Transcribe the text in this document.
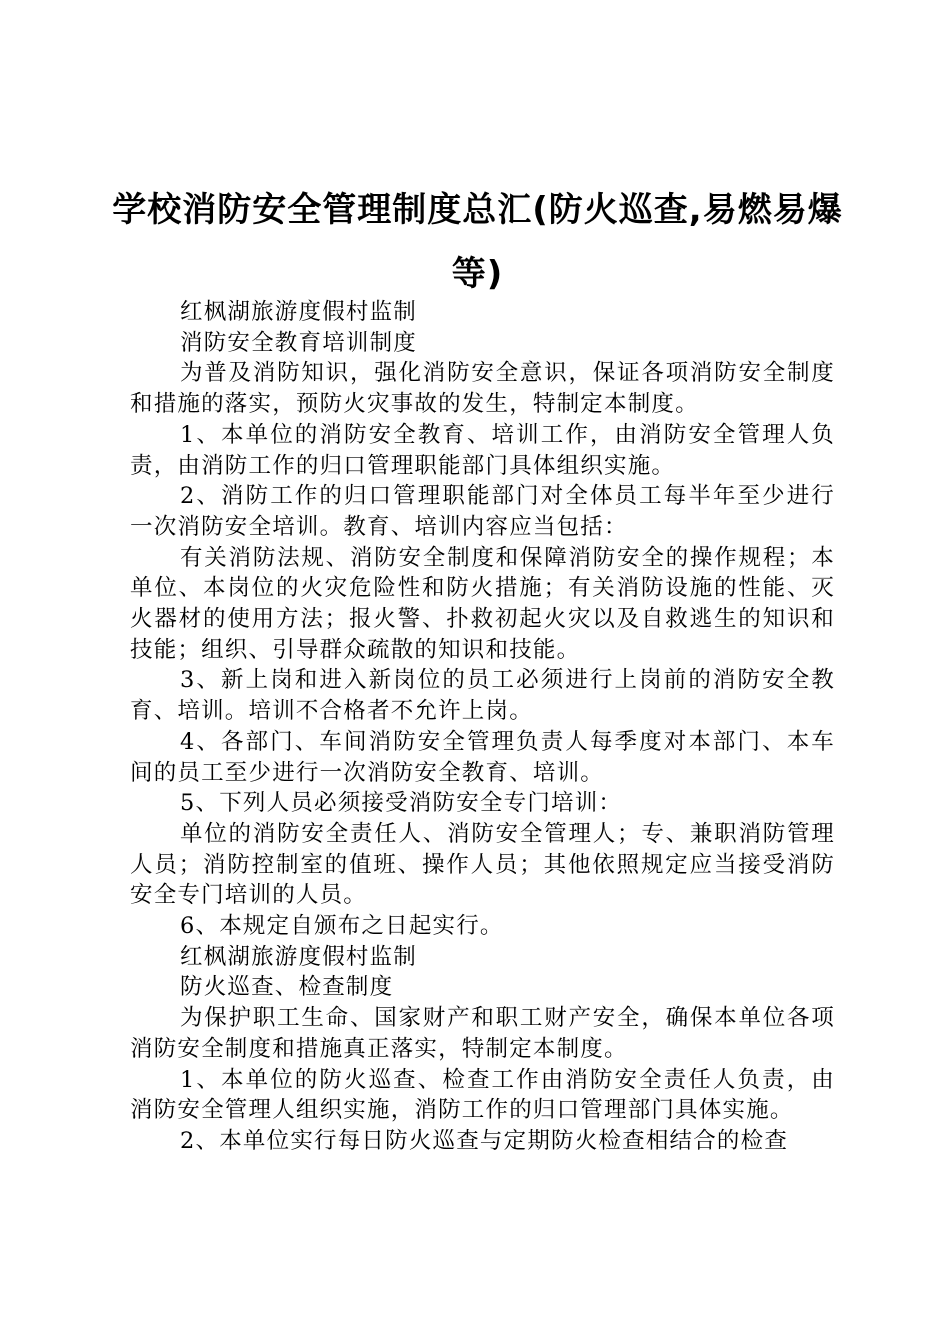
学校消防安全管理制度总汇(防火巡查,易燃易爆等)

红枫湖旅游度假村监制

消防安全教育培训制度

为普及消防知识，强化消防安全意识，保证各项消防安全制度和措施的落实，预防火灾事故的发生，特制定本制度。

1、本单位的消防安全教育、培训工作，由消防安全管理人负责，由消防工作的归口管理职能部门具体组织实施。

2、消防工作的归口管理职能部门对全体员工每半年至少进行一次消防安全培训。教育、培训内容应当包括：

有关消防法规、消防安全制度和保障消防安全的操作规程；本单位、本岗位的火灾危险性和防火措施；有关消防设施的性能、灭火器材的使用方法；报火警、扑救初起火灾以及自救逃生的知识和技能；组织、引导群众疏散的知识和技能。

3、新上岗和进入新岗位的员工必须进行上岗前的消防安全教育、培训。培训不合格者不允许上岗。

4、各部门、车间消防安全管理负责人每季度对本部门、本车间的员工至少进行一次消防安全教育、培训。

5、下列人员必须接受消防安全专门培训：

单位的消防安全责任人、消防安全管理人；专、兼职消防管理人员；消防控制室的值班、操作人员；其他依照规定应当接受消防安全专门培训的人员。

6、本规定自颁布之日起实行。

红枫湖旅游度假村监制

防火巡查、检查制度

为保护职工生命、国家财产和职工财产安全，确保本单位各项消防安全制度和措施真正落实，特制定本制度。

1、本单位的防火巡查、检查工作由消防安全责任人负责，由消防安全管理人组织实施，消防工作的归口管理部门具体实施。

2、本单位实行每日防火巡查与定期防火检查相结合的检查
